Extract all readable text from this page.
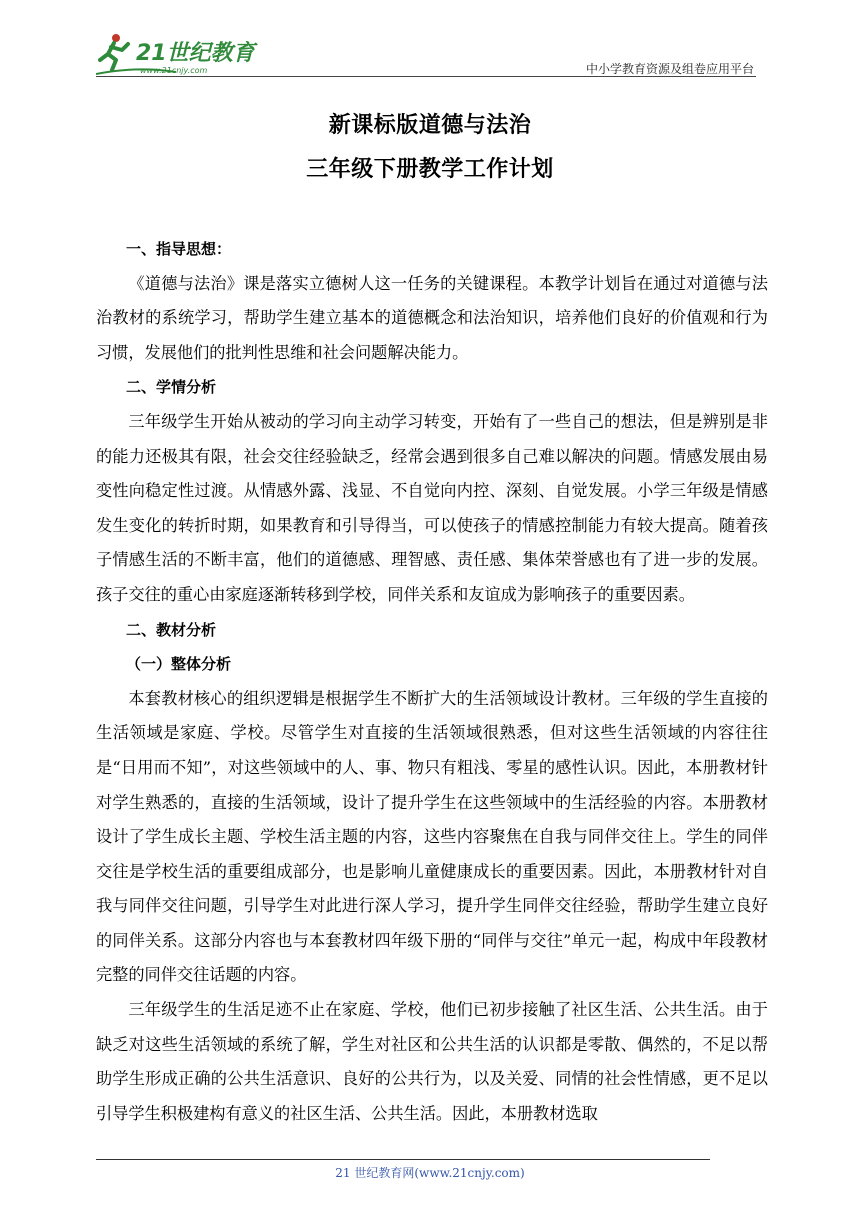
21世纪教育
www.21cnjy.com	中小学教育资源及组卷应用平台
新课标版道德与法治
三年级下册教学工作计划
一、指导思想：

《道德与法治》课是落实立德树人这一任务的关键课程。本教学计划旨在通过对道德与法治教材的系统学习，帮助学生建立基本的道德概念和法治知识，培养他们良好的价值观和行为习惯，发展他们的批判性思维和社会问题解决能力。

二、学情分析

三年级学生开始从被动的学习向主动学习转变，开始有了一些自己的想法，但是辨别是非的能力还极其有限，社会交往经验缺乏，经常会遇到很多自己难以解决的问题。情感发展由易变性向稳定性过渡。从情感外露、浅显、不自觉向内控、深刻、自觉发展。小学三年级是情感发生变化的转折时期，如果教育和引导得当，可以使孩子的情感控制能力有较大提高。随着孩子情感生活的不断丰富，他们的道德感、理智感、责任感、集体荣誉感也有了进一步的发展。孩子交往的重心由家庭逐渐转移到学校，同伴关系和友谊成为影响孩子的重要因素。

二、教材分析
（一）整体分析

本套教材核心的组织逻辑是根据学生不断扩大的生活领域设计教材。三年级的学生直接的生活领域是家庭、学校。尽管学生对直接的生活领域很熟悉，但对这些生活领域的内容往往是“日用而不知”，对这些领域中的人、事、物只有粗浅、零星的感性认识。因此，本册教材针对学生熟悉的，直接的生活领域，设计了提升学生在这些领域中的生活经验的内容。本册教材设计了学生成长主题、学校生活主题的内容，这些内容聚焦在自我与同伴交往上。学生的同伴交往是学校生活的重要组成部分，也是影响儿童健康成长的重要因素。因此，本册教材针对自我与同伴交往问题，引导学生对此进行深人学习，提升学生同伴交往经验，帮助学生建立良好的同伴关系。这部分内容也与本套教材四年级下册的“同伴与交往”单元一起，构成中年段教材完整的同伴交往话题的内容。

三年级学生的生活足迹不止在家庭、学校，他们已初步接触了社区生活、公共生活。由于缺乏对这些生活领域的系统了解，学生对社区和公共生活的认识都是零散、偶然的，不足以帮助学生形成正确的公共生活意识、良好的公共行为，以及关爱、同情的社会性情感，更不足以引导学生积极建构有意义的社区生活、公共生活。因此，本册教材选取

21 世纪教育网(www.21cnjy.com)
